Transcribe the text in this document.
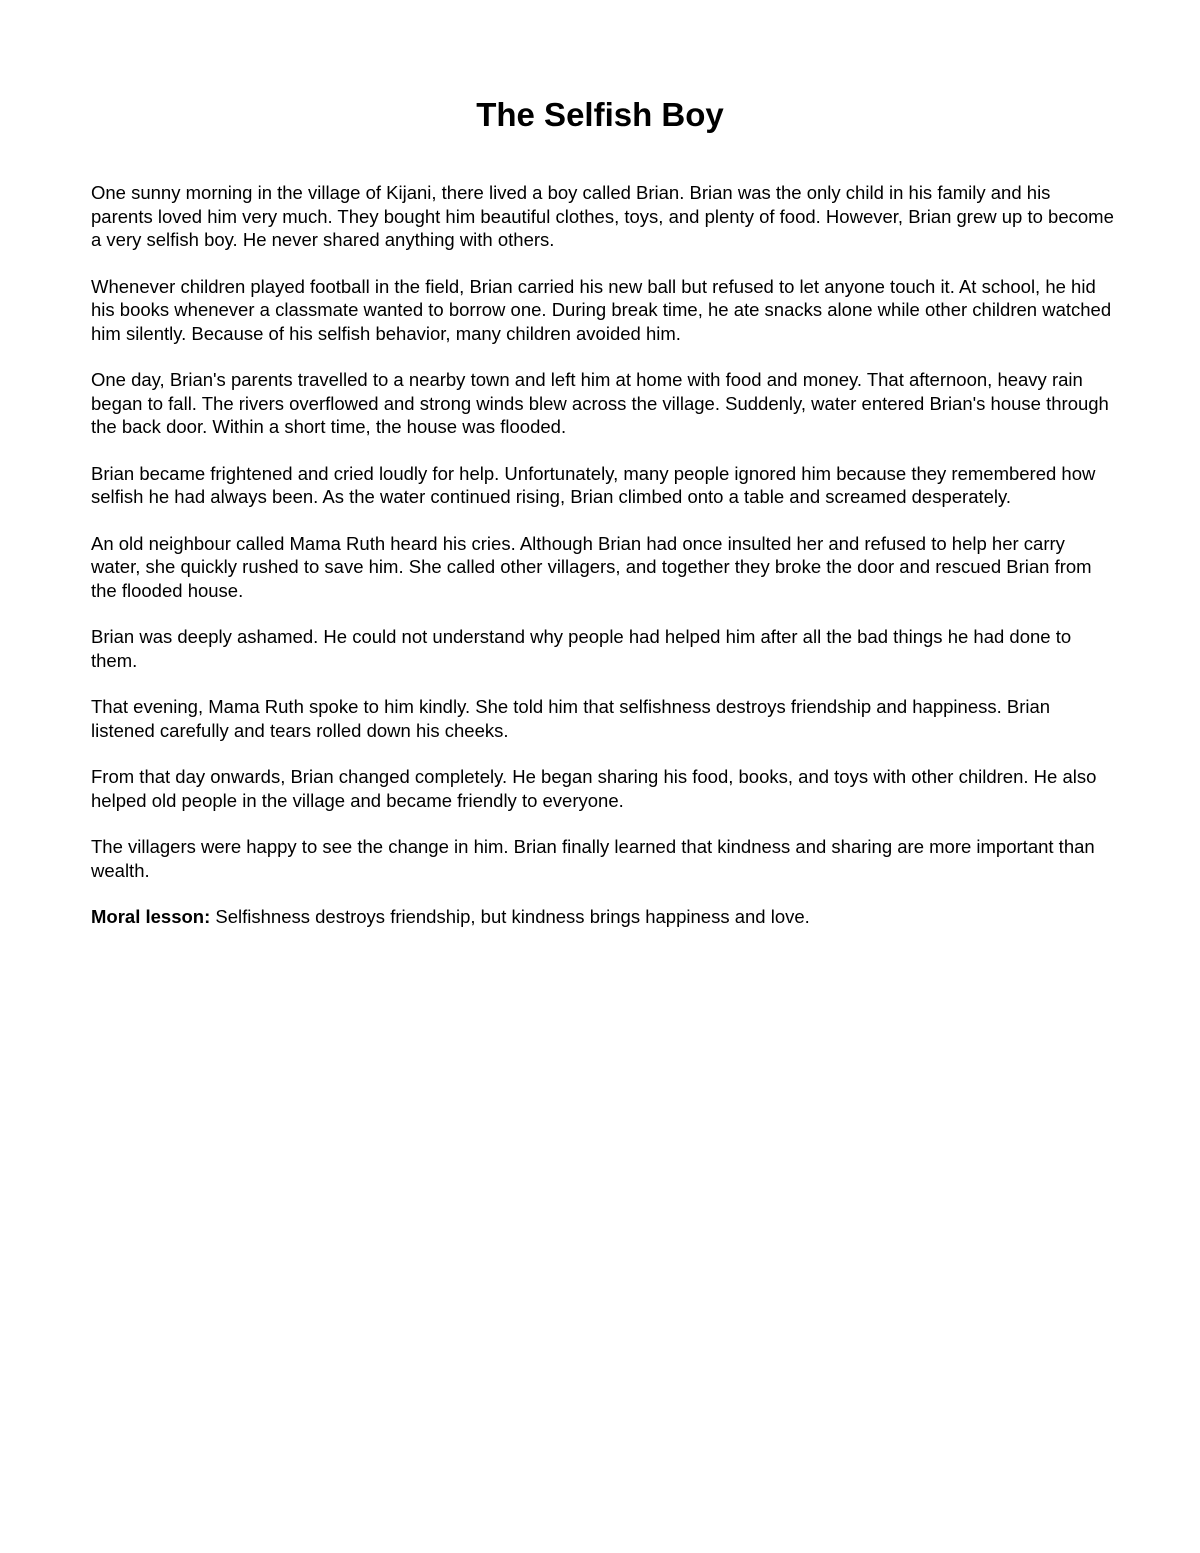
The Selfish Boy

One sunny morning in the village of Kijani, there lived a boy called Brian. Brian was the only child in his family and his parents loved him very much. They bought him beautiful clothes, toys, and plenty of food. However, Brian grew up to become a very selfish boy. He never shared anything with others.

Whenever children played football in the field, Brian carried his new ball but refused to let anyone touch it. At school, he hid his books whenever a classmate wanted to borrow one. During break time, he ate snacks alone while other children watched him silently. Because of his selfish behavior, many children avoided him.

One day, Brian's parents travelled to a nearby town and left him at home with food and money. That afternoon, heavy rain began to fall. The rivers overflowed and strong winds blew across the village. Suddenly, water entered Brian's house through the back door. Within a short time, the house was flooded.

Brian became frightened and cried loudly for help. Unfortunately, many people ignored him because they remembered how selfish he had always been. As the water continued rising, Brian climbed onto a table and screamed desperately.

An old neighbour called Mama Ruth heard his cries. Although Brian had once insulted her and refused to help her carry water, she quickly rushed to save him. She called other villagers, and together they broke the door and rescued Brian from the flooded house.

Brian was deeply ashamed. He could not understand why people had helped him after all the bad things he had done to them.

That evening, Mama Ruth spoke to him kindly. She told him that selfishness destroys friendship and happiness. Brian listened carefully and tears rolled down his cheeks.

From that day onwards, Brian changed completely. He began sharing his food, books, and toys with other children. He also helped old people in the village and became friendly to everyone.

The villagers were happy to see the change in him. Brian finally learned that kindness and sharing are more important than wealth.

Moral lesson: Selfishness destroys friendship, but kindness brings happiness and love.
